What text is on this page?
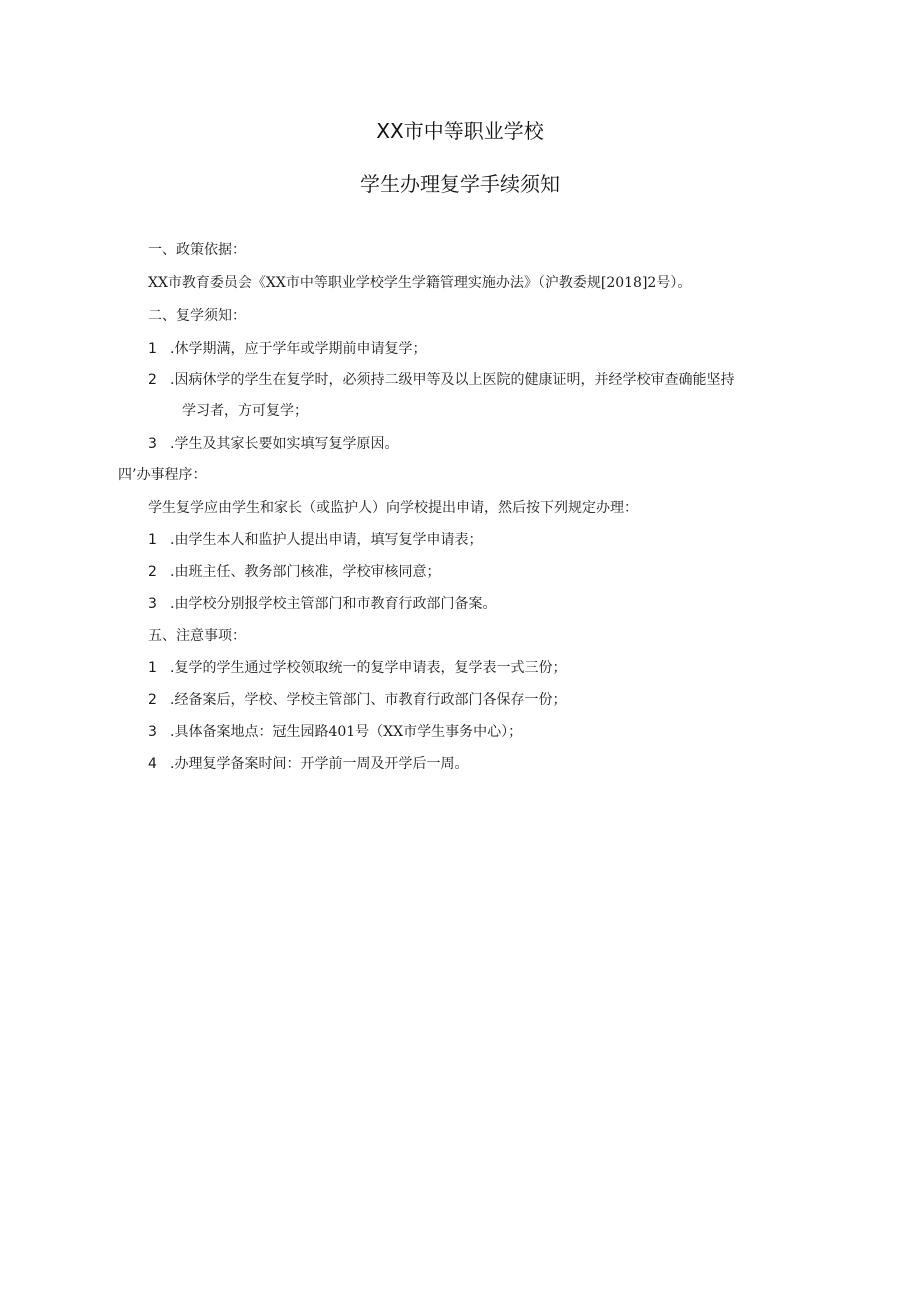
XX市中等职业学校
学生办理复学手续须知
一、政策依据：
XX市教育委员会《XX市中等职业学校学生学籍管理实施办法》（沪教委规[2018]2号）。
二、复学须知：
1 .休学期满，应于学年或学期前申请复学；
2 .因病休学的学生在复学时，必须持二级甲等及以上医院的健康证明，并经学校审查确能坚持
学习者，方可复学；
3 .学生及其家长要如实填写复学原因。
四’办事程序：
学生复学应由学生和家长（或监护人）向学校提出申请，然后按下列规定办理：
1 .由学生本人和监护人提出申请，填写复学申请表；
2 .由班主任、教务部门核准，学校审核同意；
3 .由学校分别报学校主管部门和市教育行政部门备案。
五、注意事项：
1 .复学的学生通过学校领取统一的复学申请表，复学表一式三份；
2 .经备案后，学校、学校主管部门、市教育行政部门各保存一份；
3 .具体备案地点：冠生园路401号（XX市学生事务中心）；
4 .办理复学备案时间：开学前一周及开学后一周。
